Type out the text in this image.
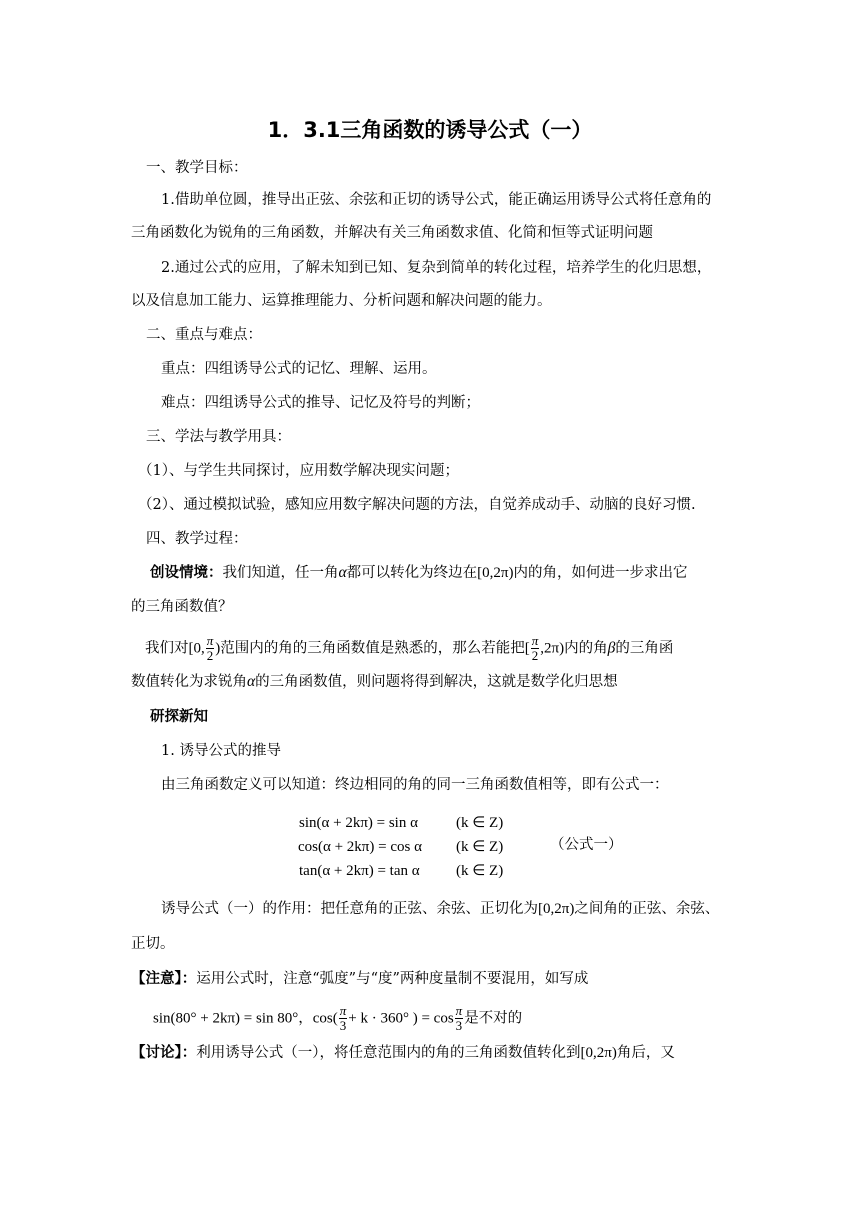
1．3.1三角函数的诱导公式（一）
一、教学目标：
1.借助单位圆，推导出正弦、余弦和正切的诱导公式，能正确运用诱导公式将任意角的
三角函数化为锐角的三角函数，并解决有关三角函数求值、化简和恒等式证明问题
2.通过公式的应用，了解未知到已知、复杂到简单的转化过程，培养学生的化归思想，
以及信息加工能力、运算推理能力、分析问题和解决问题的能力。
二、重点与难点：
重点：四组诱导公式的记忆、理解、运用。
难点：四组诱导公式的推导、记忆及符号的判断；
三、学法与教学用具：
（1）、与学生共同探讨，应用数学解决现实问题；
（2）、通过模拟试验，感知应用数字解决问题的方法，自觉养成动手、动脑的良好习惯.
四、教学过程：
创设情境：我们知道，任一角α都可以转化为终边在[0,2π)内的角，如何进一步求出它
的三角函数值？
我们对[0, $\frac{\pi}{2}$ )范围内的角的三角函数值是熟悉的，那么若能把[ $\frac{\pi}{2} ,2\pi$)内的角β的三角函
数值转化为求锐角α的三角函数值，则问题将得到解决，这就是数学化归思想
研探新知
1. 诱导公式的推导
由三角函数定义可以知道：终边相同的角的同一三角函数值相等，即有公式一：
sin(α + 2kπ) = sin α	(k ∈ Z)
cos(α + 2kπ) = cos α (k ∈ Z)	（公式一）
tan(α + 2kπ) = tan α (k ∈ Z)
诱导公式（一）的作用：把任意角的正弦、余弦、正切化为[0,2π)之间角的正弦、余弦、
正切。
【注意】：运用公式时，注意“弧度”与“度”两种度量制不要混用，如写成
sin(80° + 2kπ) = sin 80°，$\cos( \frac{\pi}{3} + k \cdot 360^\circ$ ) = $\cos \frac{\pi}{3}$ 是不对的
【讨论】：利用诱导公式（一），将任意范围内的角的三角函数值转化到[0,2π)角后，又
